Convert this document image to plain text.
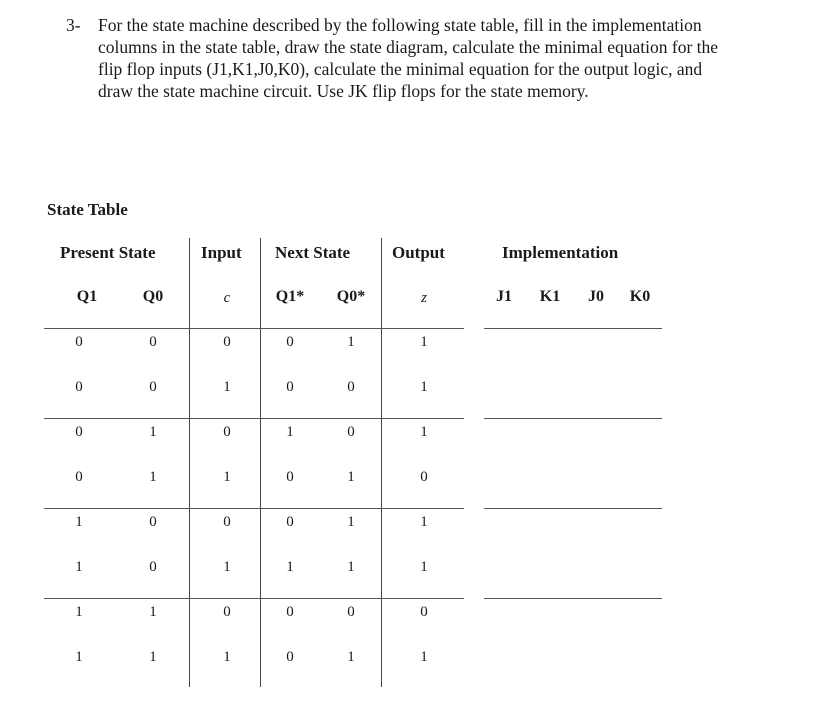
3- For the state machine described by the following state table, fill in the implementation
columns in the state table, draw the state diagram, calculate the minimal equation for the
flip flop inputs (J1,K1,J0,K0), calculate the minimal equation for the output logic, and
draw the state machine circuit. Use JK flip flops for the state memory.
State Table
Present State	Input Next State Output	Implementation
Q1	Q0	c	Q1* Q0*	z	J1 K1 J0 K0
0	0	0	0	1	1
0	0	1	0	0	1
0	1	0	1	0	1
0	1	1	0	1	0
1	0	0	0	1	1
1	0	1	1	1	1
1	1	0	0	0	0
1	1	1	0	1	1
